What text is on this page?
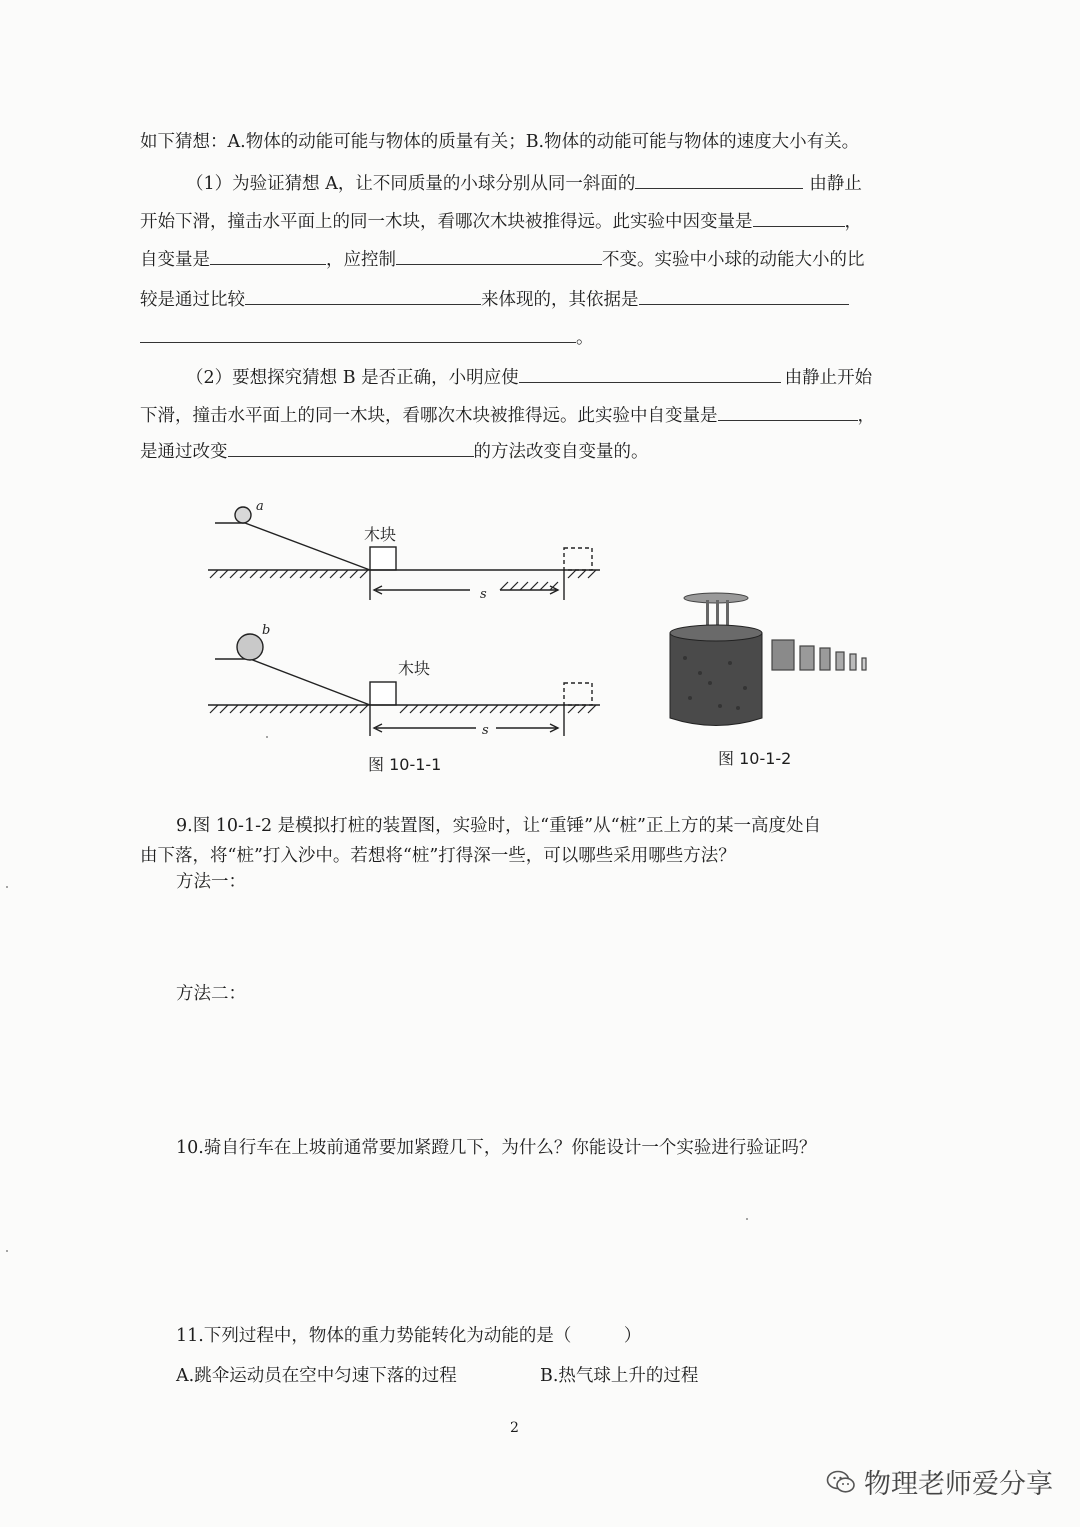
如下猜想：A.物体的动能可能与物体的质量有关；B.物体的动能可能与物体的速度大小有关。
（1）为验证猜想 A，让不同质量的小球分别从同一斜面的	由静止
开始下滑，撞击水平面上的同一木块，看哪次木块被推得远。此实验中因变量是	，
自变量是	，应控制	不变。实验中小球的动能大小的比
较是通过比较	来体现的，其依据是
。
（2）要想探究猜想 B 是否正确，小明应使	由静止开始
下滑，撞击水平面上的同一木块，看哪次木块被推得远。此实验中自变量是	，
是通过改变	的方法改变自变量的。
a
木块
s
b
木块
s
图 10-1-1	图 10-1-2
9.图 10-1-2 是模拟打桩的装置图，实验时，让“重锤”从“桩”正上方的某一高度处自
由下落，将“桩”打入沙中。若想将“桩”打得深一些，可以哪些采用哪些方法？
方法一：
方法二：
10.骑自行车在上坡前通常要加紧蹬几下，为什么？你能设计一个实验进行验证吗？
11.下列过程中，物体的重力势能转化为动能的是（　　　）
A.跳伞运动员在空中匀速下落的过程	B.热气球上升的过程
2
物理老师爱分享
